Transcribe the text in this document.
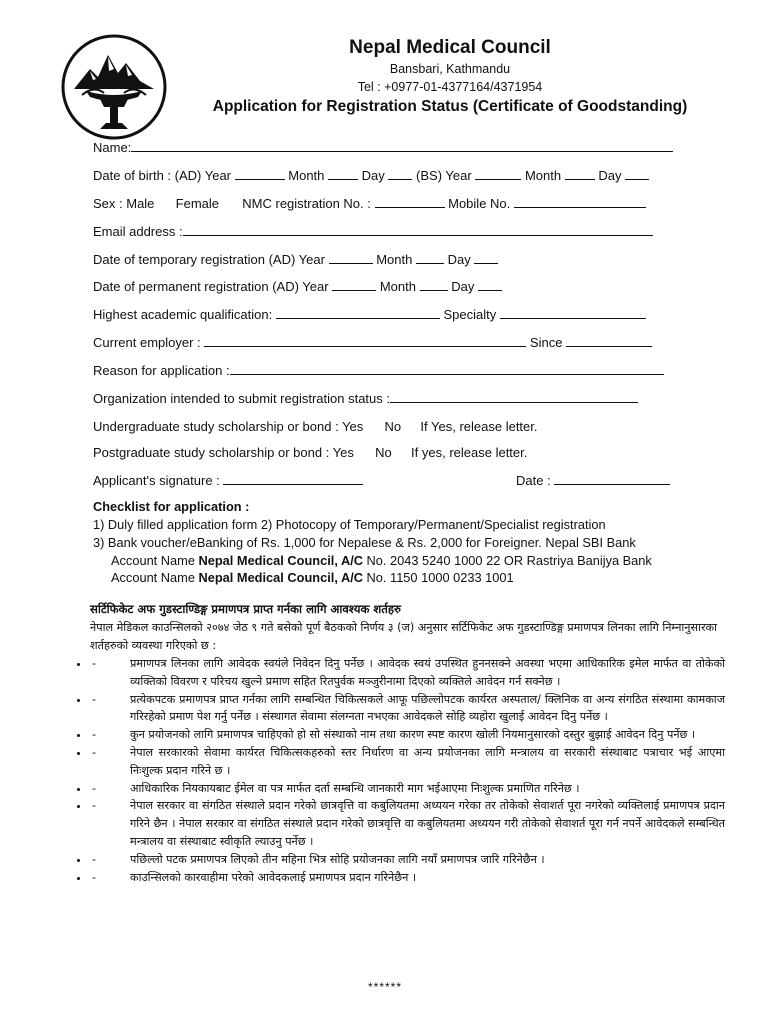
Nepal Medical Council
Bansbari, Kathmandu
Tel : +0977-01-4377164/4371954
Application for Registration Status (Certificate of Goodstanding)
Name:
Date of birth : (AD) Year	Month	Day (BS) Year	Month	Day
Sex : Male Female NMC registration No. :	Mobile No.
Email address :
Date of temporary registration (AD) Year	Month	Day
Date of permanent registration (AD) Year	Month	Day
Highest academic qualification:	Specialty
Current employer :	Since
Reason for application :
Organization intended to submit registration status :
Undergraduate study scholarship or bond : Yes No If Yes, release letter.
Postgraduate study scholarship or bond : Yes No If yes, release letter.
Applicant's signature :	Date :
Checklist for application :
1) Duly filled application form 2) Photocopy of Temporary/Permanent/Specialist registration
3) Bank voucher/eBanking of Rs. 1,000 for Nepalese & Rs. 2,000 for Foreigner. Nepal SBI Bank
Account Name Nepal Medical Council, A/C No. 2043 5240 1000 22 OR Rastriya Banijya Bank
Account Name Nepal Medical Council, A/C No. 1150 1000 0233 1001
सर्टिफिकेट अफ गुडस्टाण्डिङ्ग प्रमाणपत्र प्राप्त गर्नका लागि आवश्यक शर्तहरु
नेपाल मेडिकल काउन्सिलको २०७४ जेठ ९ गते बसेको पूर्ण बैठकको निर्णय ३ (ज) अनुसार सर्टिफिकेट अफ गुडस्टाण्डिङ्ग प्रमाणपत्र लिनका लागि निम्नानुसारका शर्तहरुको व्यवस्था गरिएको छ :
• -	प्रमाणपत्र लिनका लागि आवेदक स्वयंले निवेदन दिनु पर्नेछ । आवेदक स्वयं उपस्थित हुननसक्ने अवस्था भएमा आधिकारिक इमेल मार्फत वा तोकेको व्यक्तिको विवरण र परिचय खुल्ने प्रमाण सहित रितपुर्वक मञ्जुरीनामा दिएको व्यक्तिले आवेदन गर्न सक्नेछ ।
• -	प्रत्येकपटक प्रमाणपत्र प्राप्त गर्नका लागि सम्बन्धित चिकित्सकले आफू पछिल्लोपटक कार्यरत अस्पताल/ क्लिनिक वा अन्य संगठित संस्थामा कामकाज गरिरहेको प्रमाण पेश गर्नु पर्नेछ । संस्थागत सेवामा संलग्नता नभएका आवेदकले सोहि व्यहोरा खुलाई आवेदन दिनु पर्नेछ ।
• -	कुन प्रयोजनको लागि प्रमाणपत्र चाहिएको हो सो संस्थाको नाम तथा कारण स्पष्ट कारण खोली नियमानुसारको दस्तुर बुझाई आवेदन दिनु पर्नेछ ।
• -	नेपाल सरकारको सेवामा कार्यरत चिकित्सकहरुको स्तर निर्धारण वा अन्य प्रयोजनका लागि मन्त्रालय वा सरकारी संस्थाबाट पत्राचार भई आएमा निःशुल्क प्रदान गरिने छ ।
• -	आधिकारिक नियकायबाट ईमेल वा पत्र मार्फत दर्ता सम्बन्धि जानकारी माग भईआएमा निःशुल्क प्रमाणित गरिनेछ ।
• -	नेपाल सरकार वा संगठित संस्थाले प्रदान गरेको छात्रवृत्ति वा कबुलियतमा अध्ययन गरेका तर तोकेको सेवाशर्त पूरा नगरेको व्यक्तिलाई प्रमाणपत्र प्रदान गरिने छैन । नेपाल सरकार वा संगठित संस्थाले प्रदान गरेको छात्रवृत्ति वा कबुलियतमा अध्ययन गरी तोकेको सेवाशर्त पूरा गर्न नपर्ने आवेदकले सम्बन्धित मन्त्रालय वा संस्थाबाट स्वीकृति ल्याउनु पर्नेछ ।
• -	पछिल्लो पटक प्रमाणपत्र लिएको तीन महिना भित्र सोहि प्रयोजनका लागि नयाँ प्रमाणपत्र जारि गरिनेछैन ।
• -	काउन्सिलको कारवाहीमा परेको आवेदकलाई प्रमाणपत्र प्रदान गरिनेछैन ।
******
